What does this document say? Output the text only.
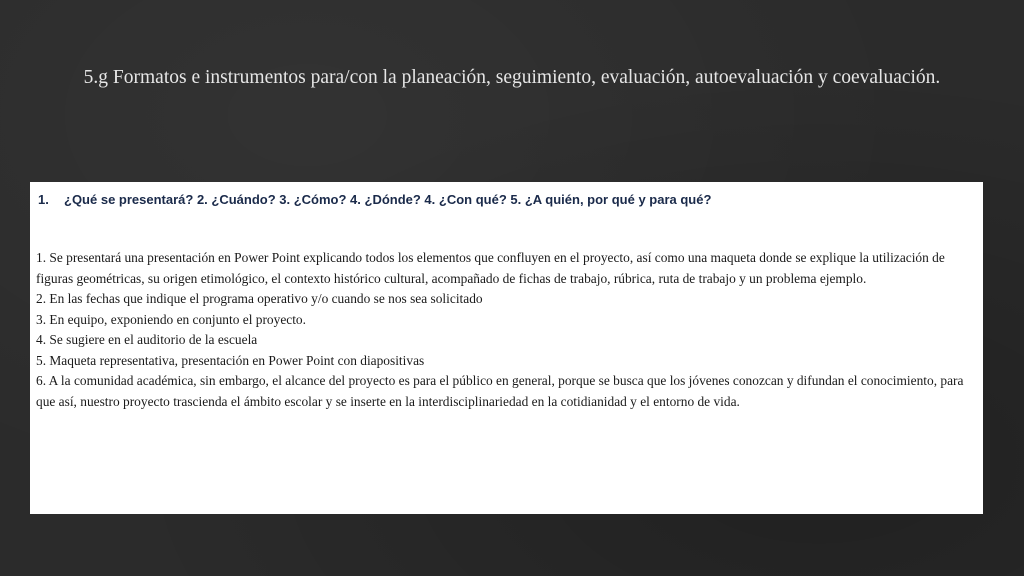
5.g Formatos e instrumentos para/con la planeación, seguimiento, evaluación, autoevaluación y coevaluación.
1. ¿Qué se presentará? 2. ¿Cuándo? 3. ¿Cómo? 4. ¿Dónde? 4. ¿Con qué? 5. ¿A quién, por qué y para qué?

1. Se presentará una presentación en Power Point explicando todos los elementos que confluyen en el proyecto, así como una maqueta donde se explique la utilización de figuras geométricas, su origen etimológico, el contexto histórico cultural, acompañado de fichas de trabajo, rúbrica, ruta de trabajo y un problema ejemplo.

2. En las fechas que indique el programa operativo y/o cuando se nos sea solicitado

3. En equipo, exponiendo en conjunto el proyecto.

4. Se sugiere en el auditorio de la escuela

5. Maqueta representativa, presentación en Power Point con diapositivas

6. A la comunidad académica, sin embargo, el alcance del proyecto es para el público en general, porque se busca que los jóvenes conozcan y difundan el conocimiento, para que así, nuestro proyecto trascienda el ámbito escolar y se inserte en la interdisciplinariedad en la cotidianidad y el entorno de vida.
